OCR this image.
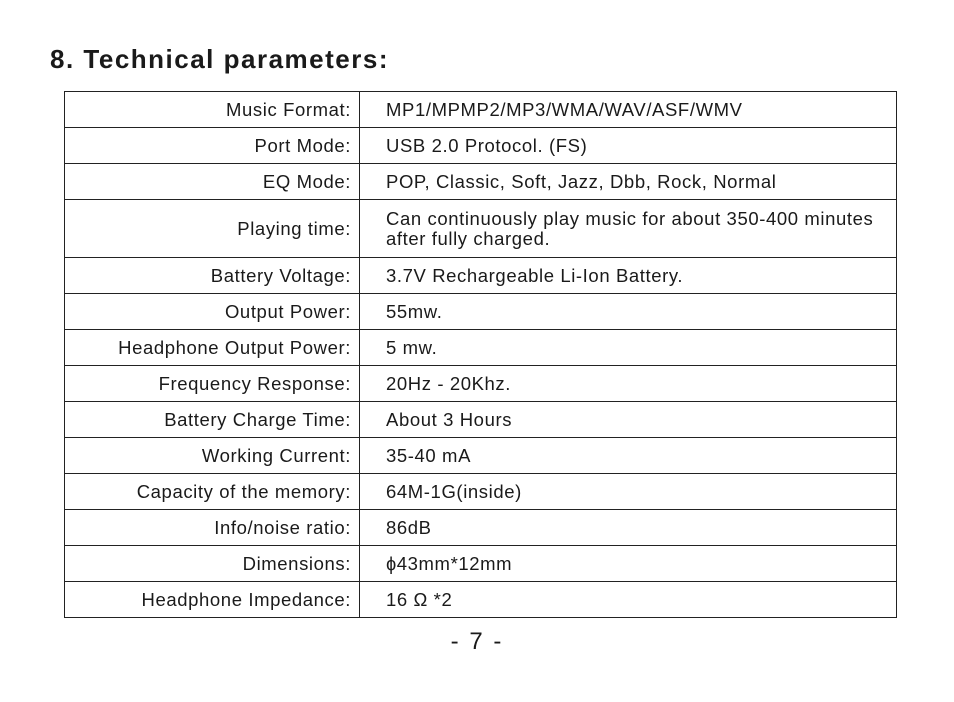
8. Technical parameters:
Music Format:	MP1/MPMP2/MP3/WMA/WAV/ASF/WMV
Port Mode:	USB 2.0 Protocol. (FS)
EQ Mode:	POP, Classic, Soft, Jazz, Dbb, Rock, Normal
Playing time:	Can continuously play music for about 350-400 minutes after fully charged.
Battery Voltage:	3.7V Rechargeable Li-Ion Battery.
Output Power:	55mw.
Headphone Output Power:	5 mw.
Frequency Response:	20Hz - 20Khz.
Battery Charge Time:	About 3 Hours
Working Current:	35-40 mA
Capacity of the memory:	64M-1G(inside)
Info/noise ratio:	86dB
Dimensions:	ɸ43mm*12mm
Headphone Impedance:	16 Ω *2

- 7 -
